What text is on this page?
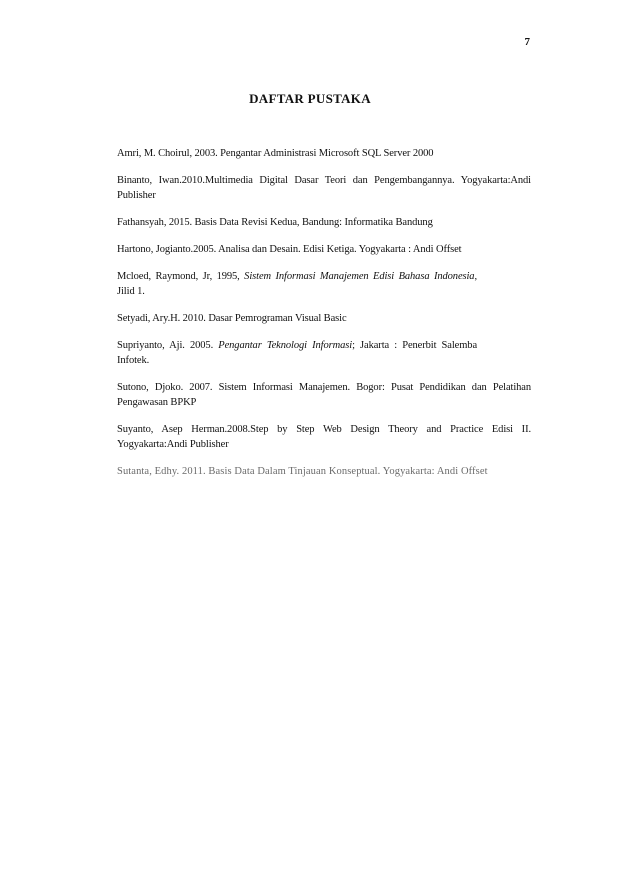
7
DAFTAR PUSTAKA

Amri, M. Choirul, 2003. Pengantar Administrasi Microsoft SQL Server 2000

Binanto, Iwan.2010.Multimedia Digital Dasar Teori dan Pengembangannya. Yogyakarta:Andi Publisher

Fathansyah, 2015. Basis Data Revisi Kedua, Bandung: Informatika Bandung

Hartono, Jogianto.2005. Analisa dan Desain. Edisi Ketiga. Yogyakarta : Andi Offset

Mcloed, Raymond, Jr, 1995, Sistem Informasi Manajemen Edisi Bahasa Indonesia, Jilid 1.

Setyadi, Ary.H. 2010. Dasar Pemrograman Visual Basic

Supriyanto, Aji. 2005. Pengantar Teknologi Informasi; Jakarta : Penerbit Salemba Infotek.

Sutono, Djoko. 2007. Sistem Informasi Manajemen. Bogor: Pusat Pendidikan dan Pelatihan Pengawasan BPKP

Suyanto, Asep Herman.2008.Step by Step Web Design Theory and Practice Edisi II. Yogyakarta:Andi Publisher

Sutanta, Edhy. 2011. Basis Data Dalam Tinjauan Konseptual. Yogyakarta: Andi Offset
